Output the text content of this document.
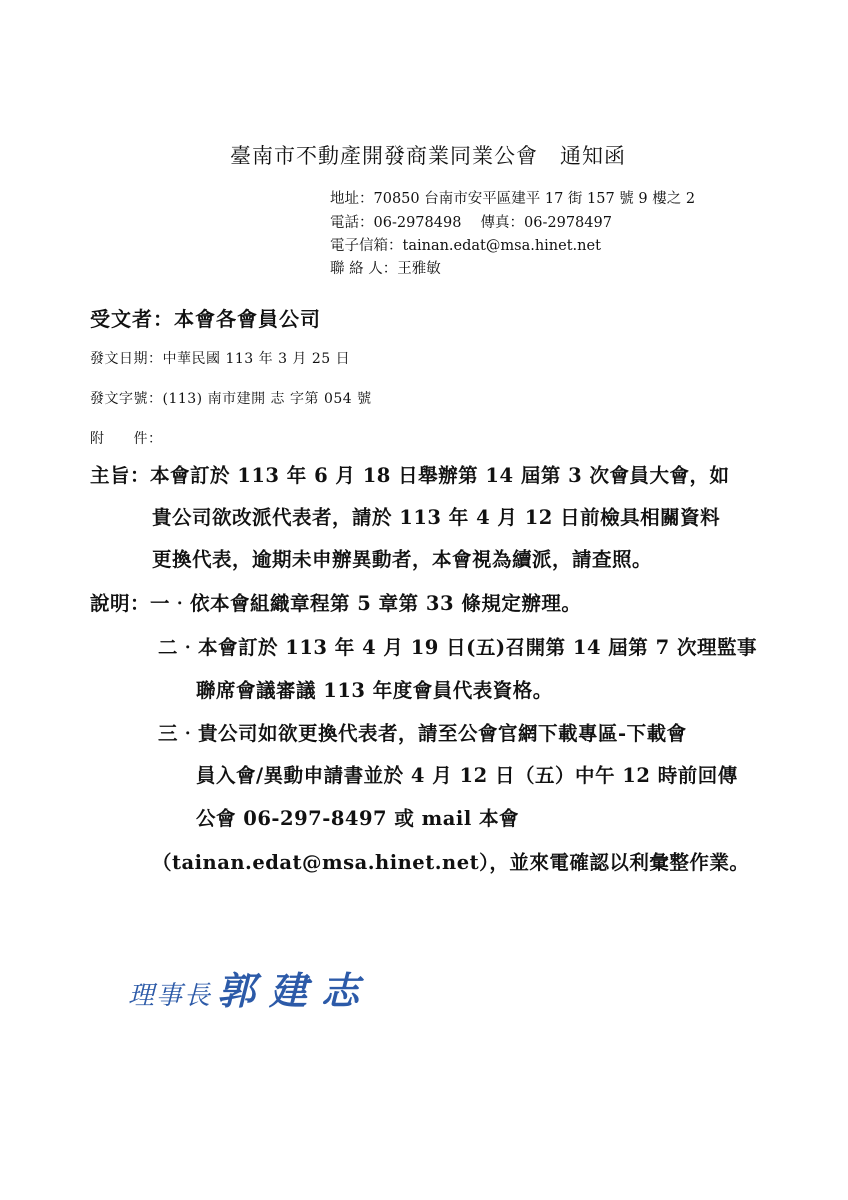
臺南市不動產開發商業同業公會　通知函
地址：70850 台南市安平區建平 17 街 157 號 9 樓之 2
電話：06-2978498　 傳真：06-2978497
電子信箱：tainan.edat@msa.hinet.net
聯 絡 人：王雅敏
受文者：本會各會員公司
發文日期：中華民國 113 年 3 月 25 日
發文字號：(113) 南市建開 志 字第 054 號
附　　件：
主旨：本會訂於 113 年 6 月 18 日舉辦第 14 屆第 3 次會員大會，如
貴公司欲改派代表者，請於 113 年 4 月 12 日前檢具相關資料
更換代表，逾期未申辦異動者，本會視為續派，請查照。
說明：一‧依本會組織章程第 5 章第 33 條規定辦理。
二‧本會訂於 113 年 4 月 19 日(五)召開第 14 屆第 7 次理監事
聯席會議審議 113 年度會員代表資格。
三‧貴公司如欲更換代表者，請至公會官網下載專區-下載會
員入會/異動申請書並於 4 月 12 日（五）中午 12 時前回傳
公會 06-297-8497 或 mail 本會
（tainan.edat@msa.hinet.net），並來電確認以利彙整作業。
理事長 郭建志
